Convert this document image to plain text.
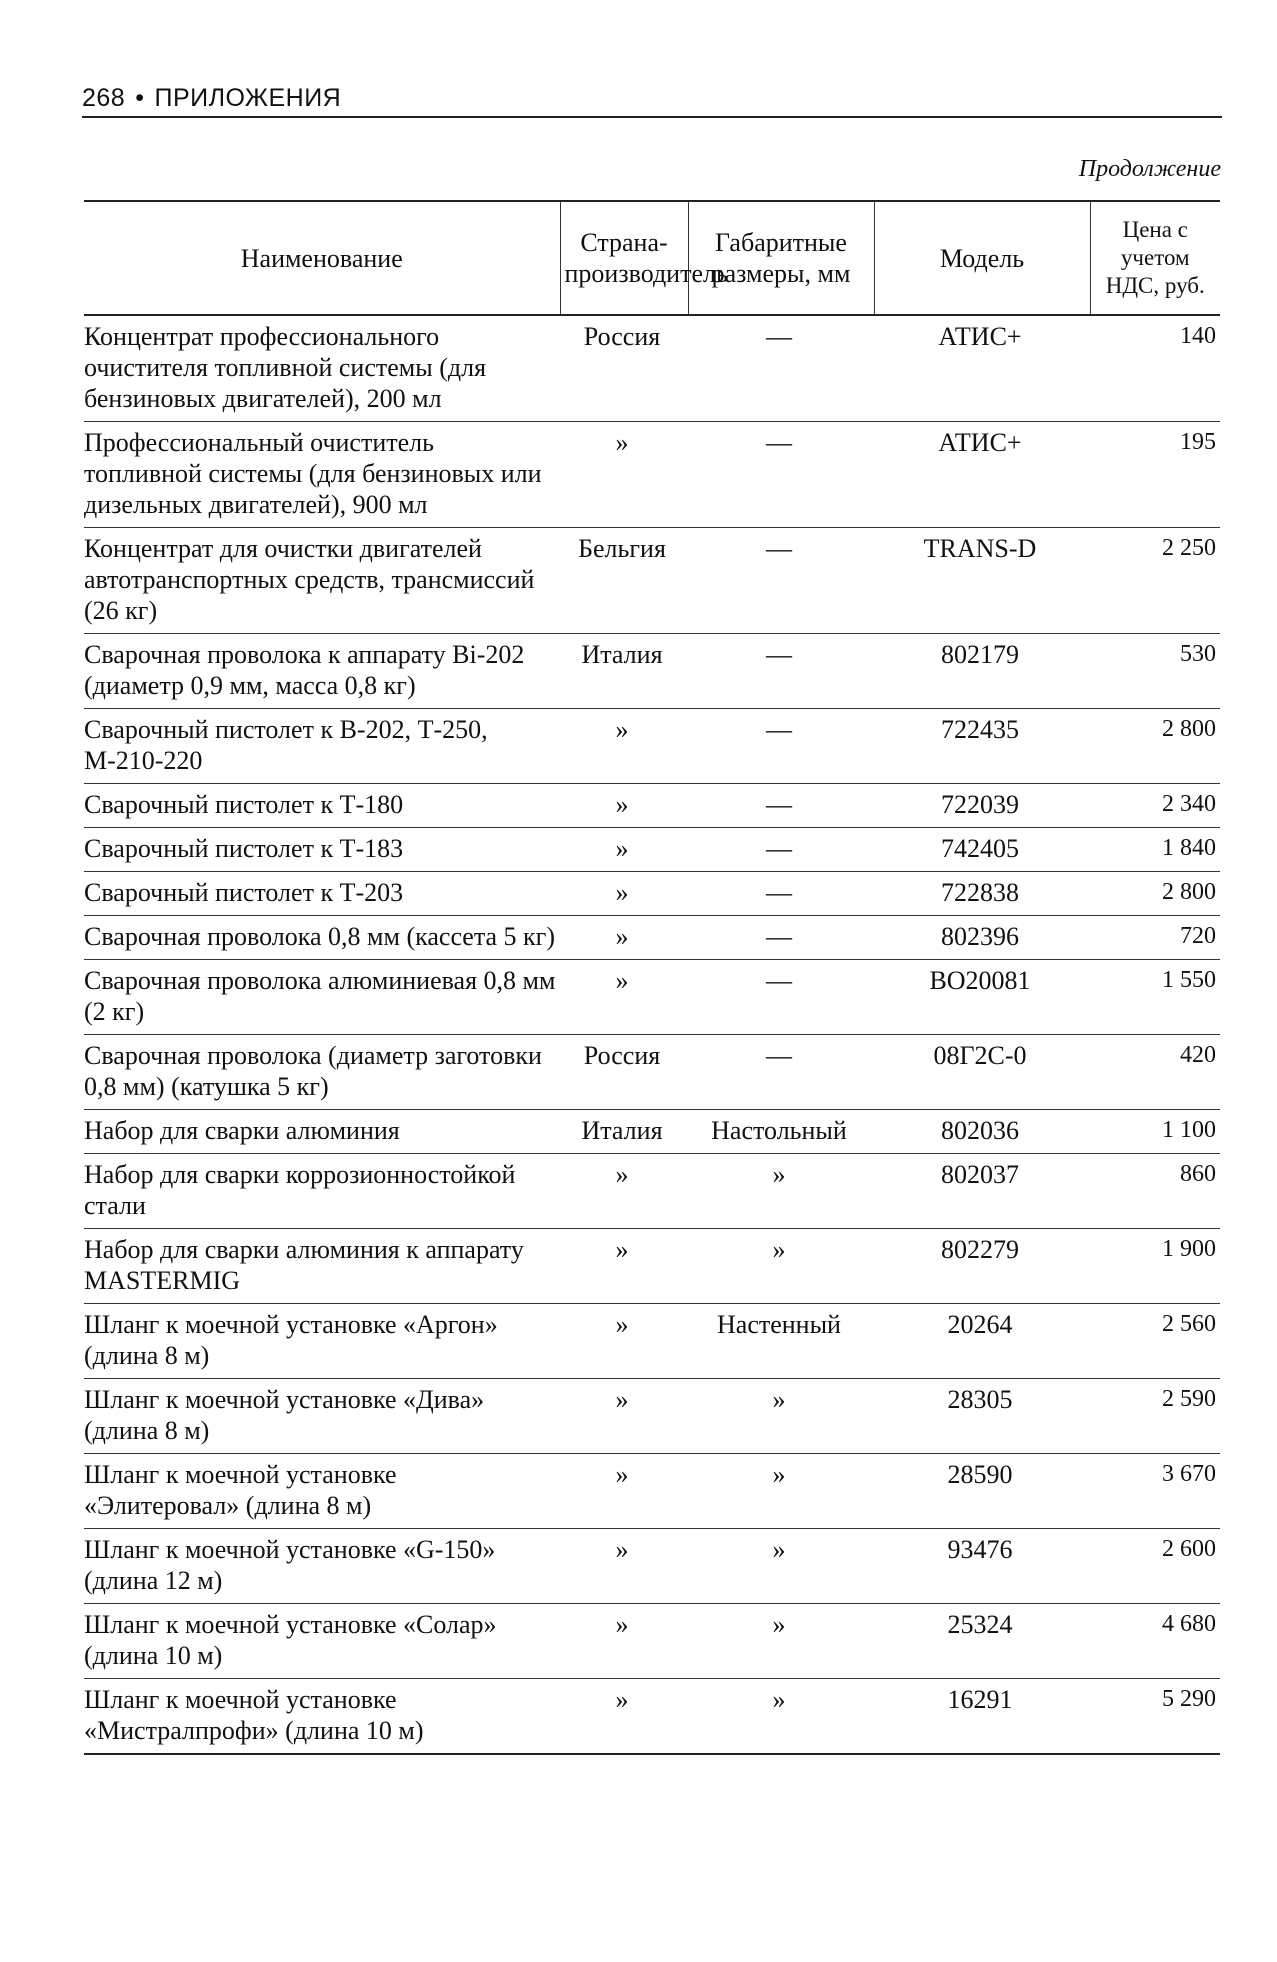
268 • ПРИЛОЖЕНИЯ
Продолжение
Наименование	Страна-производитель	Габаритные размеры, мм	Модель	Цена с учетом НДС, руб.
Концентрат профессионального очистителя топливной системы (для бензиновых двигателей), 200 мл	Россия	—	АТИС+	140
Профессиональный очиститель топливной системы (для бензиновых или дизельных двигателей), 900 мл	»	—	АТИС+	195
Концентрат для очистки двигателей автотранспортных средств, трансмиссий (26 кг)	Бельгия	—	TRANS-D	2 250
Сварочная проволока к аппарату Bi-202 (диаметр 0,9 мм, масса 0,8 кг)	Италия	—	802179	530
Сварочный пистолет к В-202, Т-250, М-210-220	»	—	722435	2 800
Сварочный пистолет к Т-180	»	—	722039	2 340
Сварочный пистолет к Т-183	»	—	742405	1 840
Сварочный пистолет к Т-203	»	—	722838	2 800
Сварочная проволока 0,8 мм (кассета 5 кг)	»	—	802396	720
Сварочная проволока алюминиевая 0,8 мм (2 кг)	»	—	ВО20081	1 550
Сварочная проволока (диаметр заготовки 0,8 мм) (катушка 5 кг)	Россия	—	08Г2С-0	420
Набор для сварки алюминия	Италия	Настольный	802036	1 100
Набор для сварки коррозионностойкой стали	»	»	802037	860
Набор для сварки алюминия к аппарату MASTERMIG	»	»	802279	1 900
Шланг к моечной установке «Аргон» (длина 8 м)	»	Настенный	20264	2 560
Шланг к моечной установке «Дива» (длина 8 м)	»	»	28305	2 590
Шланг к моечной установке «Элитеровал» (длина 8 м)	»	»	28590	3 670
Шланг к моечной установке «G-150» (длина 12 м)	»	»	93476	2 600
Шланг к моечной установке «Солар» (длина 10 м)	»	»	25324	4 680
Шланг к моечной установке «Мистралпрофи» (длина 10 м)	»	»	16291	5 290
